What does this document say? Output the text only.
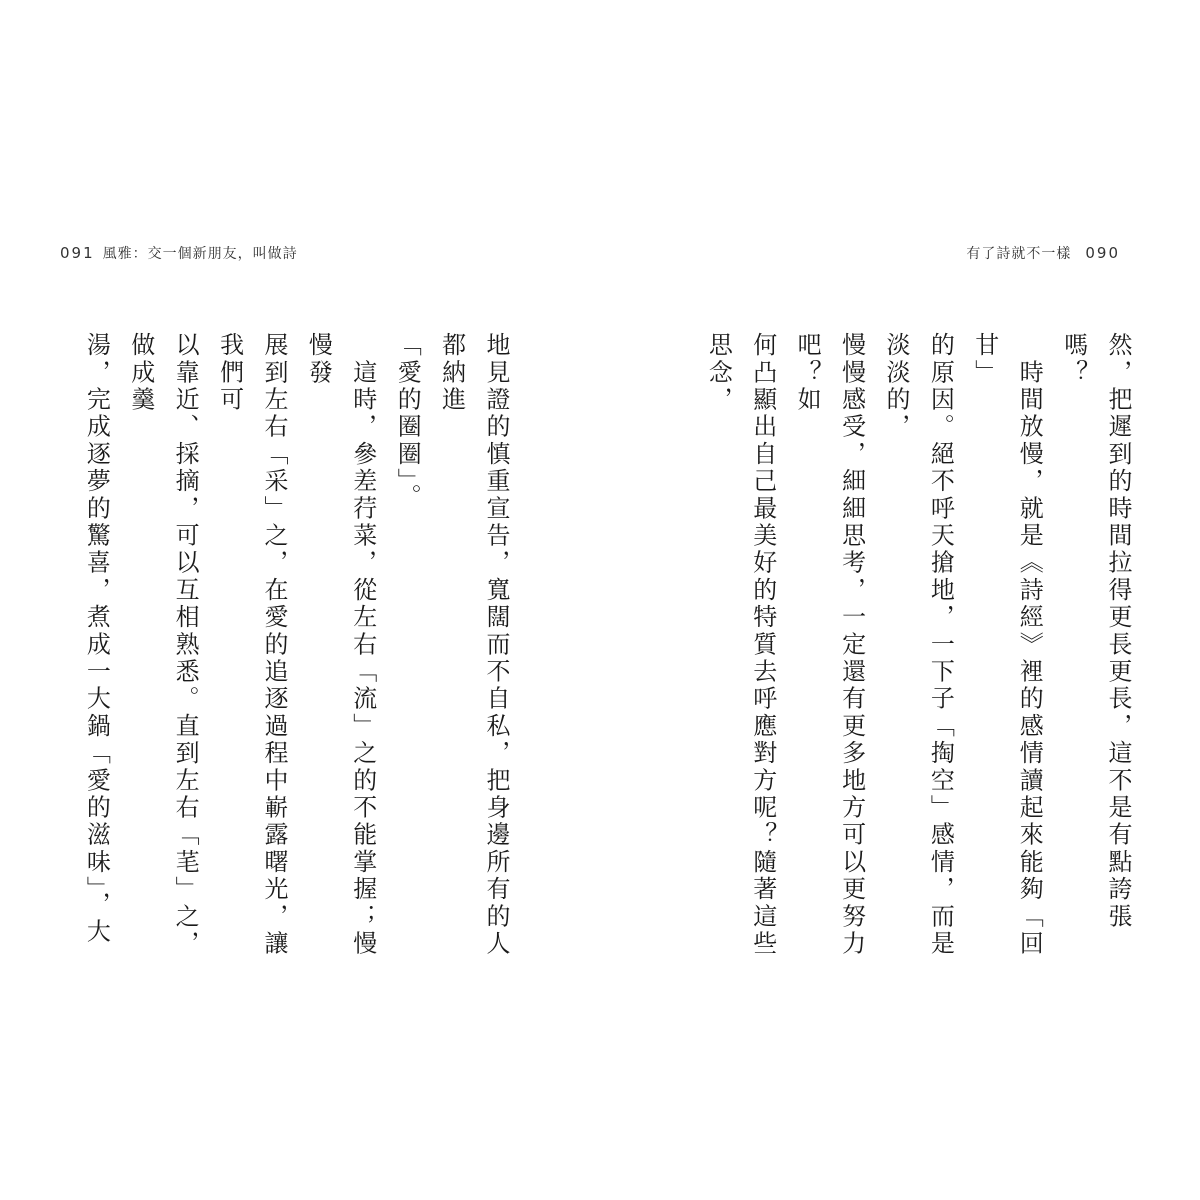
091 風雅：交一個新朋友，叫做詩

地見證的慎重宣告，寬闊而不自私，把身邊所有的人都納進
「愛的圈圈」。

　這時，參差荇菜，從左右「流」之的不能掌握；慢慢發
展到左右「采」之，在愛的追逐過程中嶄露曙光，讓我們可
以靠近、採摘，可以互相熟悉。直到左右「芼」之，做成羹
湯，完成逐夢的驚喜，煮成一大鍋「愛的滋味」，大

有了詩就不一樣 090

然，把遲到的時間拉得更長更長，這不是有點誇張嗎？

　時間放慢，就是《詩經》裡的感情讀起來能夠「回甘」
的原因。絕不呼天搶地，一下子「掏空」感情，而是淡淡的，
慢慢感受，細細思考，一定還有更多地方可以更努力吧？如
何凸顯出自己最美好的特質去呼應對方呢？隨著這些思念，
